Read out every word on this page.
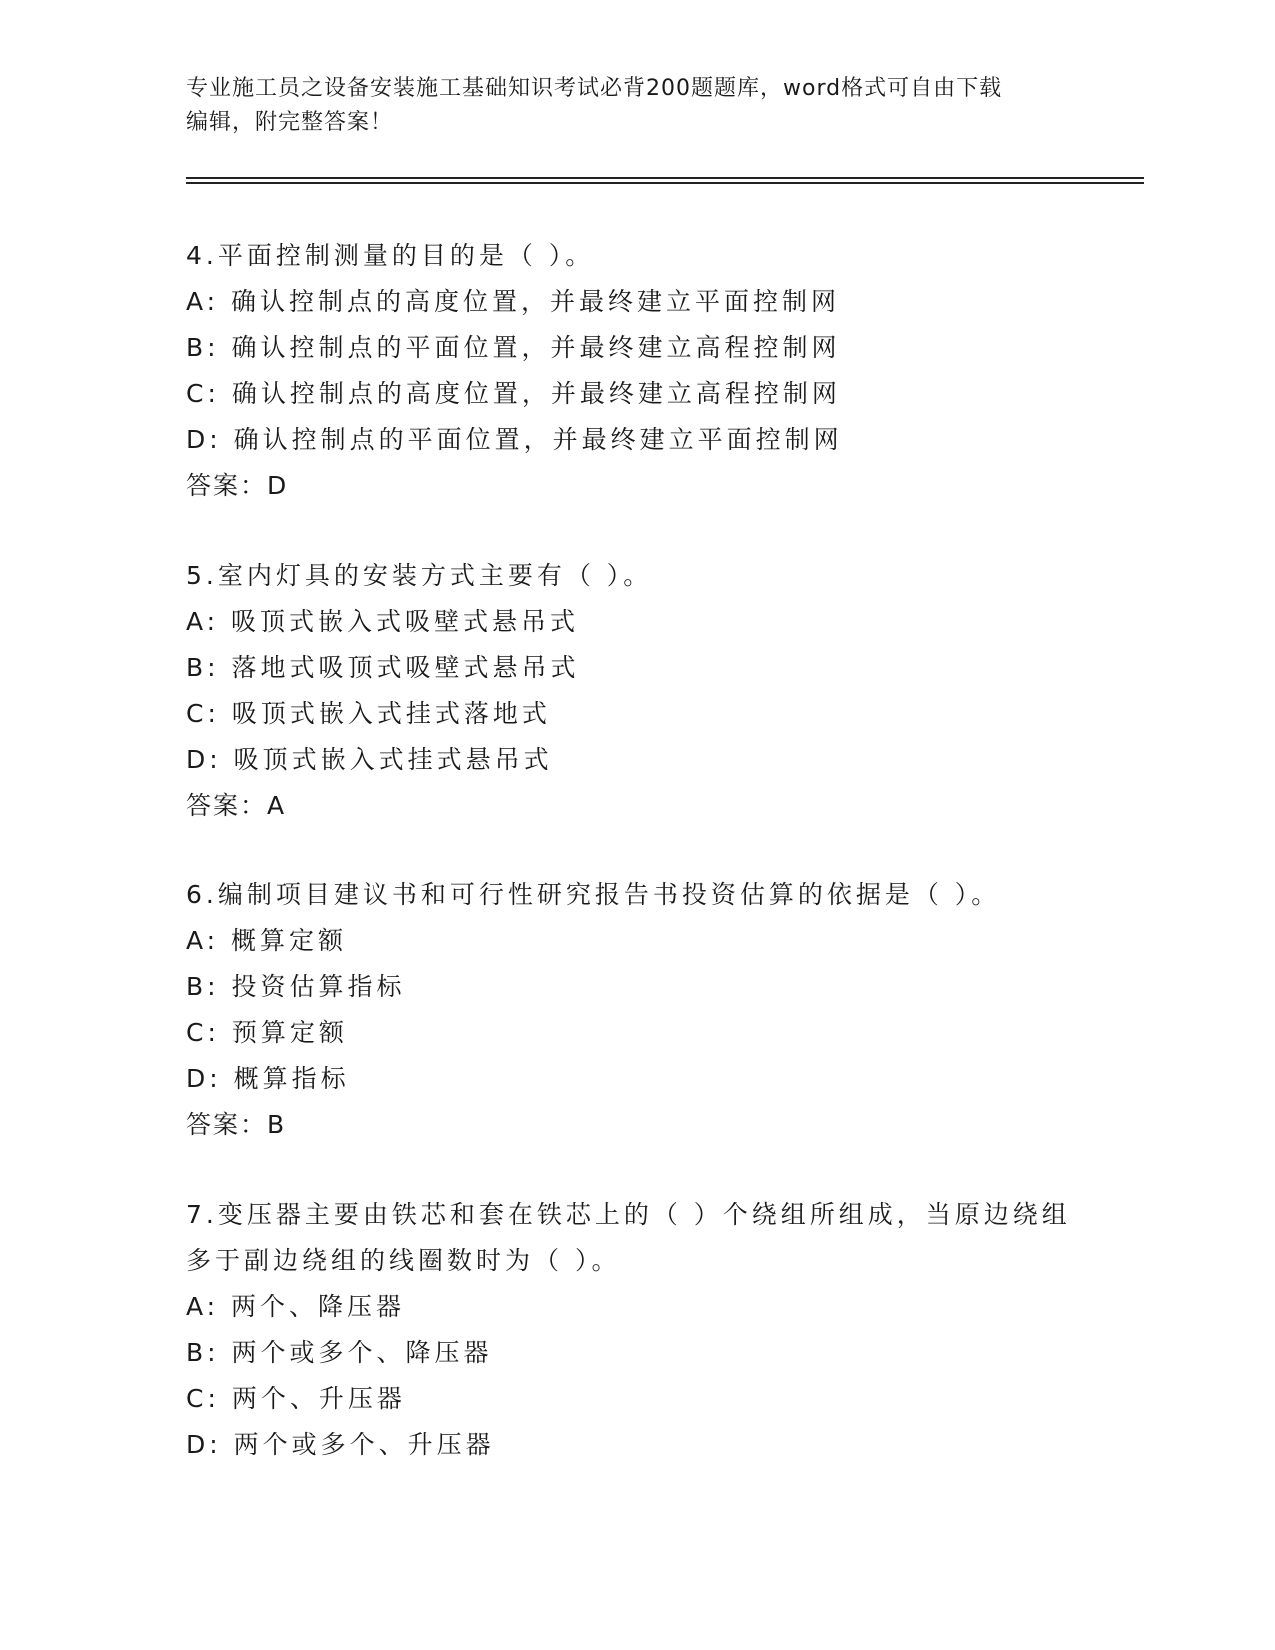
专业施工员之设备安装施工基础知识考试必背200题题库，word格式可自由下载
编辑，附完整答案！
4.平面控制测量的目的是（ ）。
A: 确认控制点的高度位置，并最终建立平面控制网
B: 确认控制点的平面位置，并最终建立高程控制网
C: 确认控制点的高度位置，并最终建立高程控制网
D: 确认控制点的平面位置，并最终建立平面控制网
答案：D
5.室内灯具的安装方式主要有（ ）。
A: 吸顶式嵌入式吸壁式悬吊式
B: 落地式吸顶式吸壁式悬吊式
C: 吸顶式嵌入式挂式落地式
D: 吸顶式嵌入式挂式悬吊式
答案：A
6.编制项目建议书和可行性研究报告书投资估算的依据是（ ）。
A: 概算定额
B: 投资估算指标
C: 预算定额
D: 概算指标
答案：B
7.变压器主要由铁芯和套在铁芯上的（ ）个绕组所组成，当原边绕组
多于副边绕组的线圈数时为（ ）。
A: 两个、降压器
B: 两个或多个、降压器
C: 两个、升压器
D: 两个或多个、升压器
